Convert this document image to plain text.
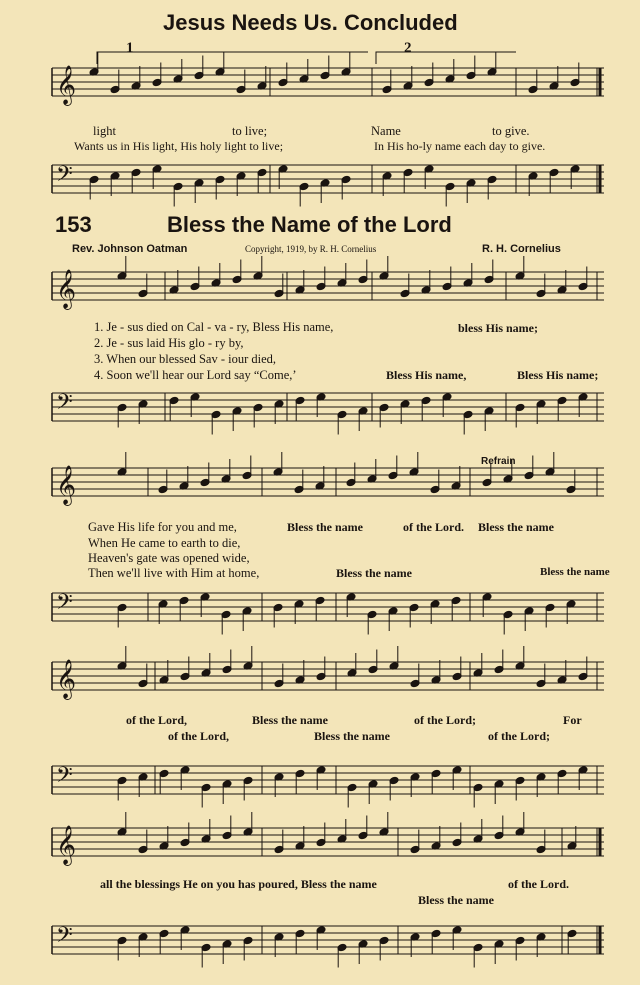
𝄞
𝄢
𝄞
𝄢
𝄞
𝄢
𝄞
𝄢
𝄞
𝄢
Jesus Needs Us. Concluded
1	2
light	to live;	Name	to give.
Wants us in His light, His holy light to live;	In His ho-ly name each day to give.
153	Bless the Name of the Lord
Rev. Johnson Oatman	Copyright, 1919, by R. H. Cornelius	R. H. Cornelius
1. Je - sus died on Cal - va - ry, Bless His name,
2. Je - sus laid His glo - ry by,
3. When our blessed Sav - iour died,
4. Soon we'll hear our Lord say “Come,’
bless His name;
Bless His name,	Bless His name;
Refrain
Gave His life for you and me,
When He came to earth to die,
Heaven's gate was opened wide,
Then we'll live with Him at home,
Bless the name	of the Lord. Bless the name
Bless the name	Bless the name
of the Lord,	Bless the name	of the Lord;	For
of the Lord,	Bless the name	of the Lord;
all the blessings He on you has poured, Bless the name	of the Lord.
Bless the name
